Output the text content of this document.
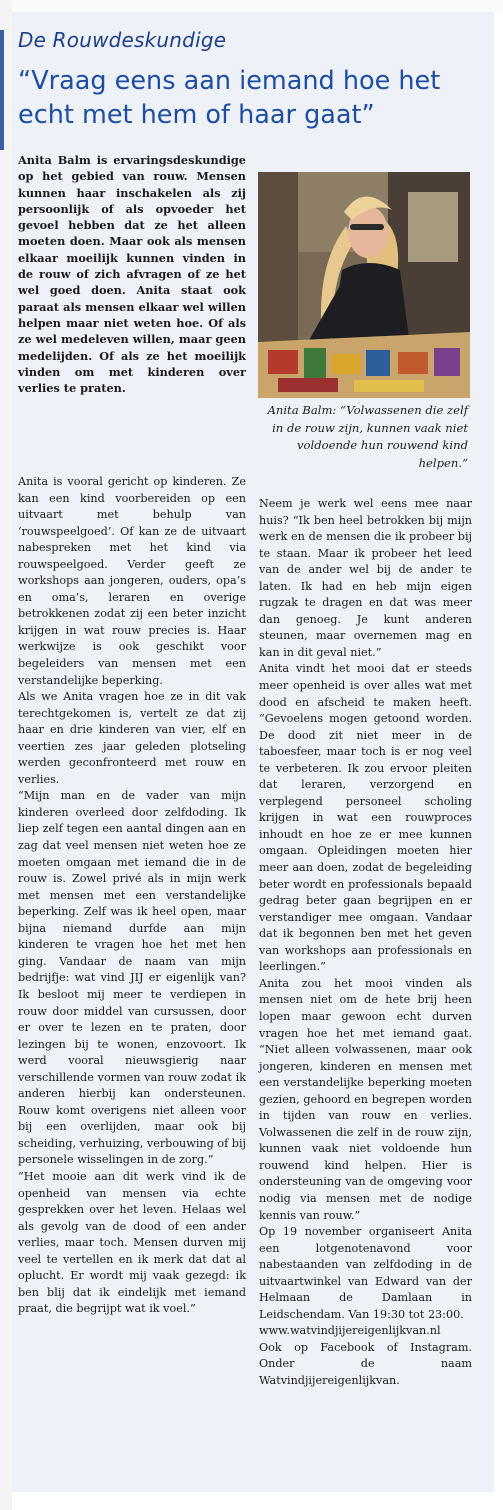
De Rouwdeskundige
“Vraag eens aan iemand hoe het echt met hem of haar gaat”

Anita Balm is ervaringsdeskundige op het gebied van rouw. Mensen kunnen haar inschakelen als zij persoonlijk of als opvoeder het gevoel hebben dat ze het alleen moeten doen. Maar ook als mensen elkaar moeilijk kunnen vinden in de rouw of zich afvragen of ze het wel goed doen. Anita staat ook paraat als mensen elkaar wel willen helpen maar niet weten hoe. Of als ze wel medeleven willen, maar geen medelijden. Of als ze het moeilijk vinden om met kinderen over verlies te praten.

Anita Balm: “Volwassenen die zelf in de rouw zijn, kunnen vaak niet voldoende hun rouwend kind helpen.”

Anita is vooral gericht op kinderen. Ze kan een kind voorbereiden op een uitvaart met behulp van ‘rouwspeelgoed’. Of kan ze de uitvaart nabespreken met het kind via rouwspeelgoed. Verder geeft ze workshops aan jongeren, ouders, opa’s en oma’s, leraren en overige betrokkenen zodat zij een beter inzicht krijgen in wat rouw precies is. Haar werkwijze is ook geschikt voor begeleiders van mensen met een verstandelijke beperking.

Als we Anita vragen hoe ze in dit vak terechtgekomen is, vertelt ze dat zij haar en drie kinderen van vier, elf en veertien zes jaar geleden plotseling werden geconfronteerd met rouw en verlies.

“Mijn man en de vader van mijn kinderen overleed door zelfdoding. Ik liep zelf tegen een aantal dingen aan en zag dat veel mensen niet weten hoe ze moeten omgaan met iemand die in de rouw is. Zowel privé als in mijn werk met mensen met een verstandelijke beperking. Zelf was ik heel open, maar bijna niemand durfde aan mijn kinderen te vragen hoe het met hen ging. Vandaar de naam van mijn bedrijfje: wat vind JIJ er eigenlijk van? Ik besloot mij meer te verdiepen in rouw door middel van cursussen, door er over te lezen en te praten, door lezingen bij te wonen, enzovoort. Ik werd vooral nieuwsgierig naar verschillende vormen van rouw zodat ik anderen hierbij kan ondersteunen. Rouw komt overigens niet alleen voor bij een overlijden, maar ook bij scheiding, verhuizing, verbouwing of bij personele wisselingen in de zorg.”

“Het mooie aan dit werk vind ik de openheid van mensen via echte gesprekken over het leven. Helaas wel als gevolg van de dood of een ander verlies, maar toch. Mensen durven mij veel te vertellen en ik merk dat dat al oplucht. Er wordt mij vaak gezegd: ik ben blij dat ik eindelijk met iemand praat, die begrijpt wat ik voel.”

Neem je werk wel eens mee naar huis? “Ik ben heel betrokken bij mijn werk en de mensen die ik probeer bij te staan. Maar ik probeer het leed van de ander wel bij de ander te laten. Ik had en heb mijn eigen rugzak te dragen en dat was meer dan genoeg. Je kunt anderen steunen, maar overnemen mag en kan in dit geval niet.”

Anita vindt het mooi dat er steeds meer openheid is over alles wat met dood en afscheid te maken heeft. “Gevoelens mogen getoond worden. De dood zit niet meer in de taboesfeer, maar toch is er nog veel te verbeteren. Ik zou ervoor pleiten dat leraren, verzorgend en verplegend personeel scholing krijgen in wat een rouwproces inhoudt en hoe ze er mee kunnen omgaan. Opleidingen moeten hier meer aan doen, zodat de begeleiding beter wordt en professionals bepaald gedrag beter gaan begrijpen en er verstandiger mee omgaan. Vandaar dat ik begonnen ben met het geven van workshops aan professionals en leerlingen.”

Anita zou het mooi vinden als mensen niet om de hete brij heen lopen maar gewoon echt durven vragen hoe het met iemand gaat. “Niet alleen volwassenen, maar ook jongeren, kinderen en mensen met een verstandelijke beperking moeten gezien, gehoord en begrepen worden in tijden van rouw en verlies. Volwassenen die zelf in de rouw zijn, kunnen vaak niet voldoende hun rouwend kind helpen. Hier is ondersteuning van de omgeving voor nodig via mensen met de nodige kennis van rouw.”

Op 19 november organiseert Anita een lotgenotenavond voor nabestaanden van zelfdoding in de uitvaartwinkel van Edward van der Helmaan de Damlaan in Leidschendam. Van 19:30 tot 23:00.

www.watvindjijereigenlijkvan.nl

Ook op Facebook of Instagram. Onder de naam Watvindjijereigenlijkvan.
